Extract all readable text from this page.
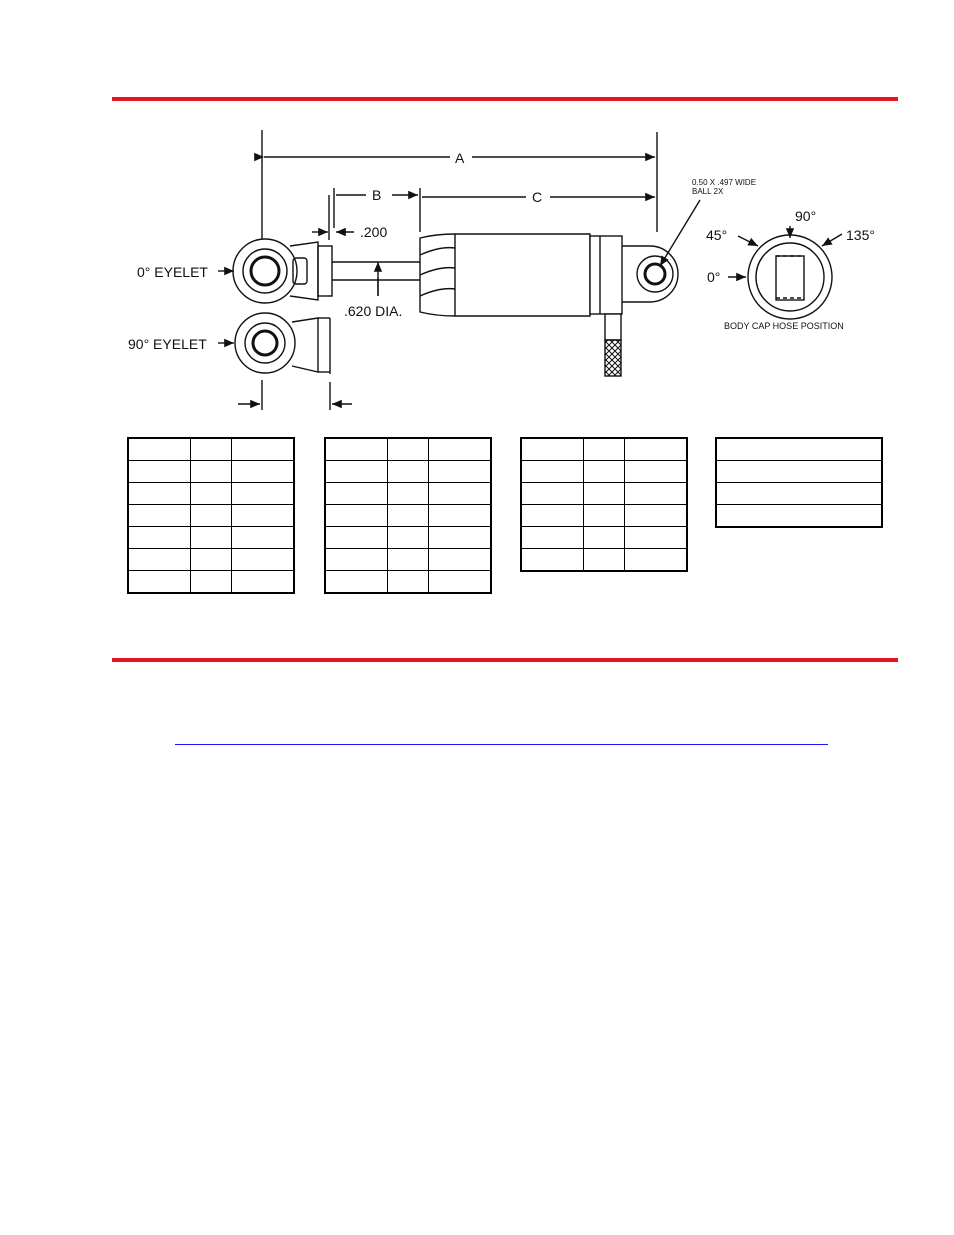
A
B	C
.200
.620 DIA.
0° EYELET
90° EYELET
0.50 X .497 WIDE
BALL 2X
90°
45°	135°
0°
BODY CAP HOSE POSITION
